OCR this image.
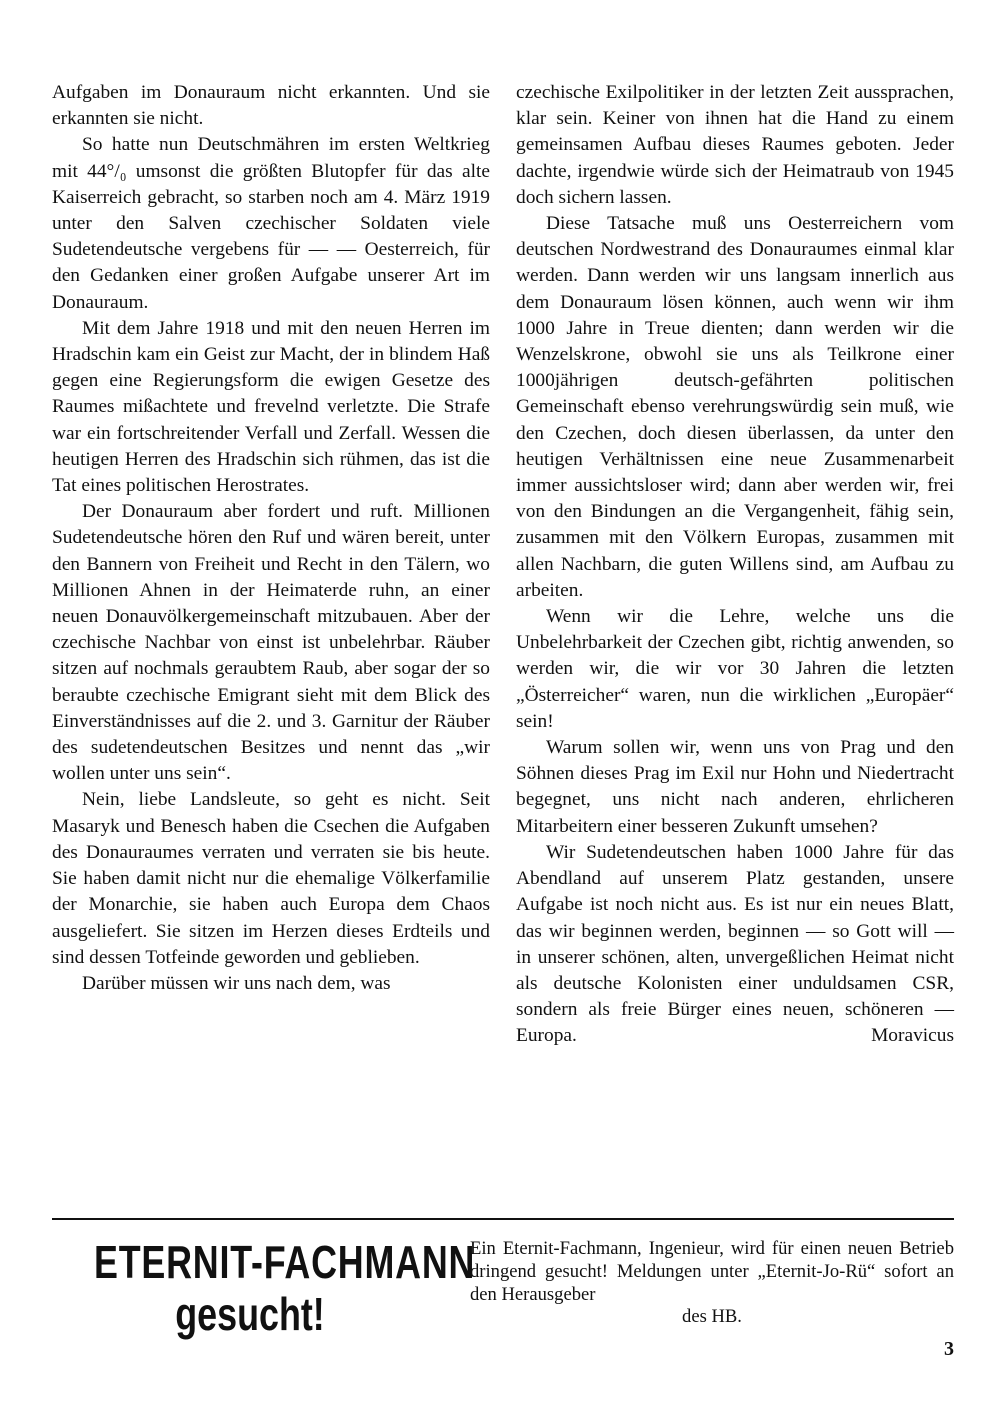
Aufgaben im Donauraum nicht erkannten. Und sie erkannten sie nicht.

So hatte nun Deutschmähren im ersten Weltkrieg mit 44°/₀ umsonst die größten Blutopfer für das alte Kaiserreich gebracht, so starben noch am 4. März 1919 unter den Salven czechischer Soldaten viele Sudetendeutsche vergebens für — — Oesterreich, für den Gedanken einer großen Aufgabe unserer Art im Donauraum.

Mit dem Jahre 1918 und mit den neuen Herren im Hradschin kam ein Geist zur Macht, der in blindem Haß gegen eine Regierungsform die ewigen Gesetze des Raumes mißachtete und frevelnd verletzte. Die Strafe war ein fortschreitender Verfall und Zerfall. Wessen die heutigen Herren des Hradschin sich rühmen, das ist die Tat eines politischen Herostrates.

Der Donauraum aber fordert und ruft. Millionen Sudetendeutsche hören den Ruf und wären bereit, unter den Bannern von Freiheit und Recht in den Tälern, wo Millionen Ahnen in der Heimaterde ruhn, an einer neuen Donauvölkergemeinschaft mitzubauen. Aber der czechische Nachbar von einst ist unbelehrbar. Räuber sitzen auf nochmals geraubtem Raub, aber sogar der so beraubte czechische Emigrant sieht mit dem Blick des Einverständnisses auf die 2. und 3. Garnitur der Räuber des sudetendeutschen Besitzes und nennt das „wir wollen unter uns sein“.

Nein, liebe Landsleute, so geht es nicht. Seit Masaryk und Benesch haben die Csechen die Aufgaben des Donauraumes verraten und verraten sie bis heute. Sie haben damit nicht nur die ehemalige Völkerfamilie der Monarchie, sie haben auch Europa dem Chaos ausgeliefert. Sie sitzen im Herzen dieses Erdteils und sind dessen Totfeinde geworden und geblieben.

Darüber müssen wir uns nach dem, was

czechische Exilpolitiker in der letzten Zeit aussprachen, klar sein. Keiner von ihnen hat die Hand zu einem gemeinsamen Aufbau dieses Raumes geboten. Jeder dachte, irgendwie würde sich der Heimatraub von 1945 doch sichern lassen.

Diese Tatsache muß uns Oesterreichern vom deutschen Nordwestrand des Donauraumes einmal klar werden. Dann werden wir uns langsam innerlich aus dem Donauraum lösen können, auch wenn wir ihm 1000 Jahre in Treue dienten; dann werden wir die Wenzelskrone, obwohl sie uns als Teilkrone einer 1000jährigen deutsch-gefährten politischen Gemeinschaft ebenso verehrungswürdig sein muß, wie den Czechen, doch diesen überlassen, da unter den heutigen Verhältnissen eine neue Zusammenarbeit immer aussichtsloser wird; dann aber werden wir, frei von den Bindungen an die Vergangenheit, fähig sein, zusammen mit den Völkern Europas, zusammen mit allen Nachbarn, die guten Willens sind, am Aufbau zu arbeiten.

Wenn wir die Lehre, welche uns die Unbelehrbarkeit der Czechen gibt, richtig anwenden, so werden wir, die wir vor 30 Jahren die letzten „Österreicher“ waren, nun die wirklichen „Europäer“ sein!

Warum sollen wir, wenn uns von Prag und den Söhnen dieses Prag im Exil nur Hohn und Niedertracht begegnet, uns nicht nach anderen, ehrlicheren Mitarbeitern einer besseren Zukunft umsehen?

Wir Sudetendeutschen haben 1000 Jahre für das Abendland auf unserem Platz gestanden, unsere Aufgabe ist noch nicht aus. Es ist nur ein neues Blatt, das wir beginnen werden, beginnen — so Gott will — in unserer schönen, alten, unvergeßlichen Heimat nicht als deutsche Kolonisten einer unduldsamen CSR, sondern als freie Bürger eines neuen, schöneren — Europa.	Moravicus

ETERNIT-FACHMANN
gesucht!
Ein Eternit-Fachmann, Ingenieur, wird für einen neuen Betrieb dringend gesucht! Meldungen unter „Eternit-Jo-Rü“ sofort an den Herausgeber
des HB.
3
